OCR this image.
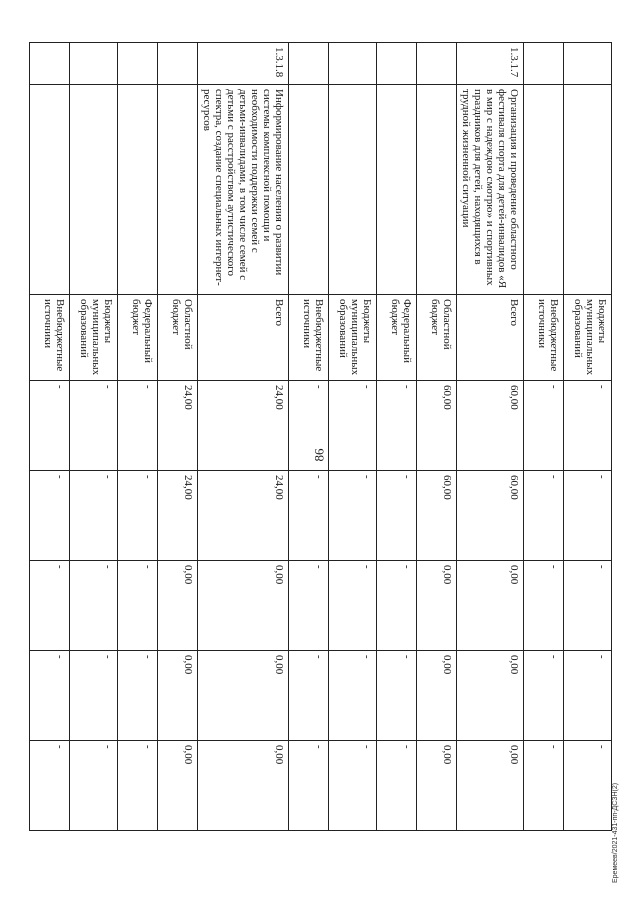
86
		Бюджеты муниципальных образований	-	-	-	-	-
		Внебюджетные источники	-	-	-	-	-
1.3.1.7	Организация и проведение областного фестиваля спорта для детей-инвалидов «Я в мир с надеждою смотрю» и спортивных праздников для детей, находящихся в трудной жизненной ситуации	Всего	60,00	60,00	0,00	0,00	0,00
		Областной бюджет	60,00	60,00	0,00	0,00	0,00
		Федеральный бюджет	-	-	-	-	-
		Бюджеты муниципальных образований	-	-	-	-	-
		Внебюджетные источники	-	-	-	-	-
1.3.1.8	Информирование населения о развитии системы комплексной помощи и необходимости поддержки семей с детьми-инвалидами, в том числе семей с детьми с расстройством аутистического спектра, создание специальных интернет-ресурсов	Всего	24,00	24,00	0,00	0,00	0,00
		Областной бюджет	24,00	24,00	0,00	0,00	0,00
		Федеральный бюджет	-	-	-	-	-
		Бюджеты муниципальных образований	-	-	-	-	-
		Внебюджетные источники	-	-	-	-	-
Еремеев/2021-431-пп-ДСЗН(2)
